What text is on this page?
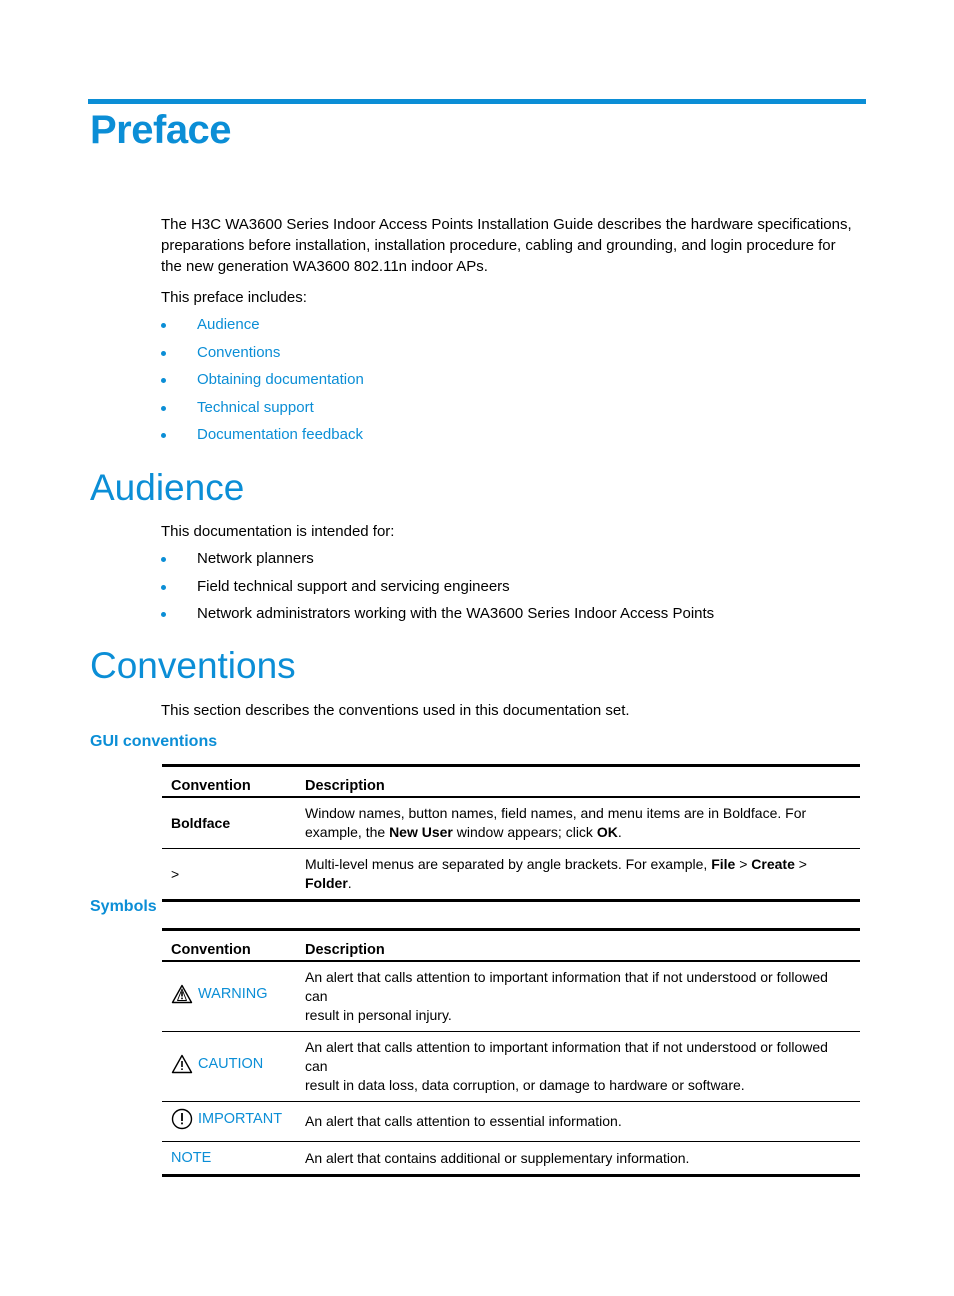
Preface

The H3C WA3600 Series Indoor Access Points Installation Guide describes the hardware specifications,
preparations before installation, installation procedure, cabling and grounding, and login procedure for
the new generation WA3600 802.11n indoor APs.

This preface includes:

Audience
Conventions
Obtaining documentation
Technical support
Documentation feedback
Audience

This documentation is intended for:

Network planners
Field technical support and servicing engineers
Network administrators working with the WA3600 Series Indoor Access Points
Conventions

This section describes the conventions used in this documentation set.

GUI conventions
Convention	Description
Boldface	Window names, button names, field names, and menu items are in Boldface. For
example, the New User window appears; click OK.
>	Multi-level menus are separated by angle brackets. For example, File > Create > Folder.
Symbols
Convention	Description

WARNING	An alert that calls attention to important information that if not understood or followed can
result in personal injury.

CAUTION	An alert that calls attention to important information that if not understood or followed can
result in data loss, data corruption, or damage to hardware or software.

IMPORTANT	An alert that calls attention to essential information.

NOTE	An alert that contains additional or supplementary information.
